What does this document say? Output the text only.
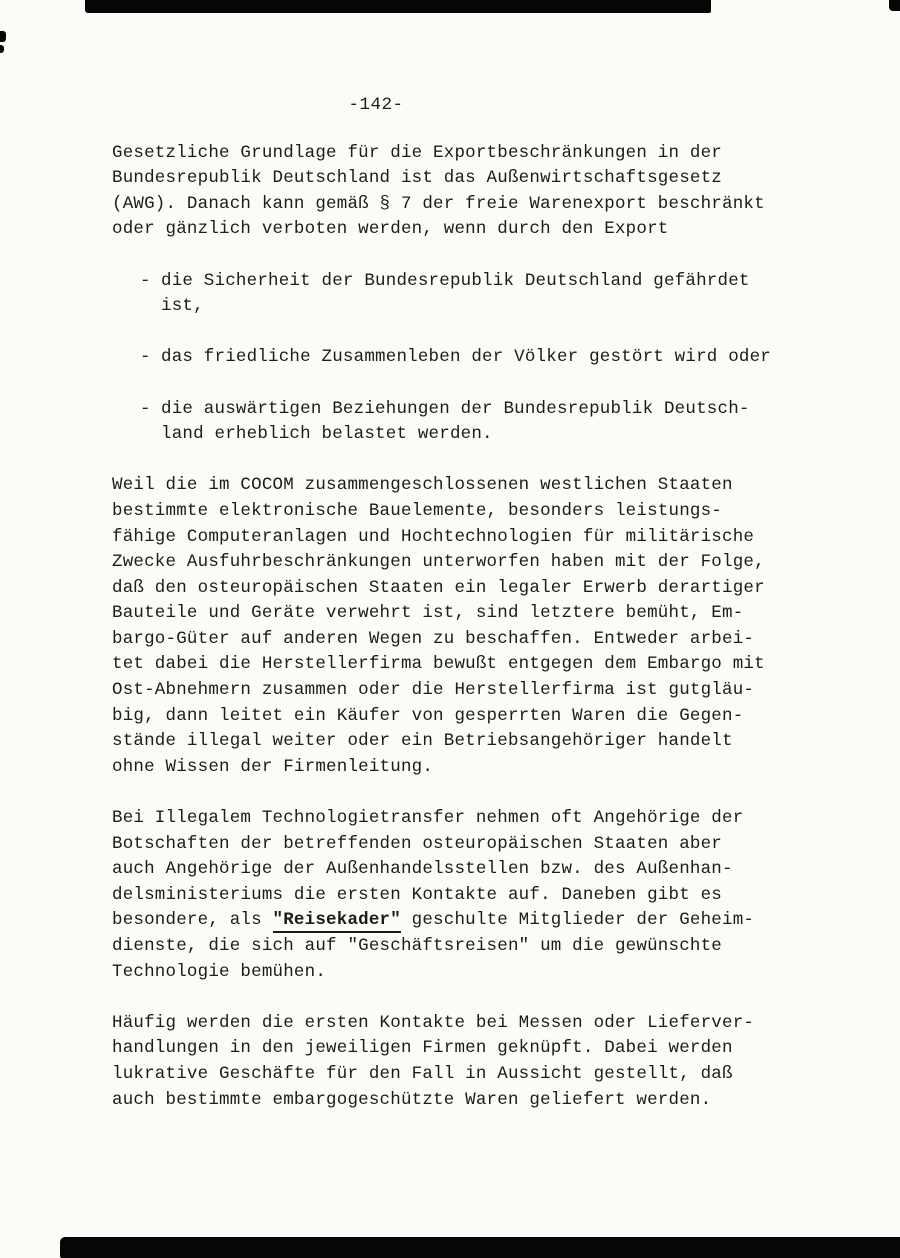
-142-
Gesetzliche Grundlage für die Exportbeschränkungen in der
Bundesrepublik Deutschland ist das Außenwirtschaftsgesetz
(AWG). Danach kann gemäß § 7 der freie Warenexport beschränkt
oder gänzlich verboten werden, wenn durch den Export
- die Sicherheit der Bundesrepublik Deutschland gefährdet
ist,
- das friedliche Zusammenleben der Völker gestört wird oder
- die auswärtigen Beziehungen der Bundesrepublik Deutsch-
land erheblich belastet werden.
Weil die im COCOM zusammengeschlossenen westlichen Staaten
bestimmte elektronische Bauelemente, besonders leistungs-
fähige Computeranlagen und Hochtechnologien für militärische
Zwecke Ausfuhrbeschränkungen unterworfen haben mit der Folge,
daß den osteuropäischen Staaten ein legaler Erwerb derartiger
Bauteile und Geräte verwehrt ist, sind letztere bemüht, Em-
bargo-Güter auf anderen Wegen zu beschaffen. Entweder arbei-
tet dabei die Herstellerfirma bewußt entgegen dem Embargo mit
Ost-Abnehmern zusammen oder die Herstellerfirma ist gutgläu-
big, dann leitet ein Käufer von gesperrten Waren die Gegen-
stände illegal weiter oder ein Betriebsangehöriger handelt
ohne Wissen der Firmenleitung.
Bei Illegalem Technologietransfer nehmen oft Angehörige der
Botschaften der betreffenden osteuropäischen Staaten aber
auch Angehörige der Außenhandelsstellen bzw. des Außenhan-
delsministeriums die ersten Kontakte auf. Daneben gibt es
besondere, als "Reisekader" geschulte Mitglieder der Geheim-
dienste, die sich auf "Geschäftsreisen" um die gewünschte
Technologie bemühen.
Häufig werden die ersten Kontakte bei Messen oder Lieferver-
handlungen in den jeweiligen Firmen geknüpft. Dabei werden
lukrative Geschäfte für den Fall in Aussicht gestellt, daß
auch bestimmte embargogeschützte Waren geliefert werden.
